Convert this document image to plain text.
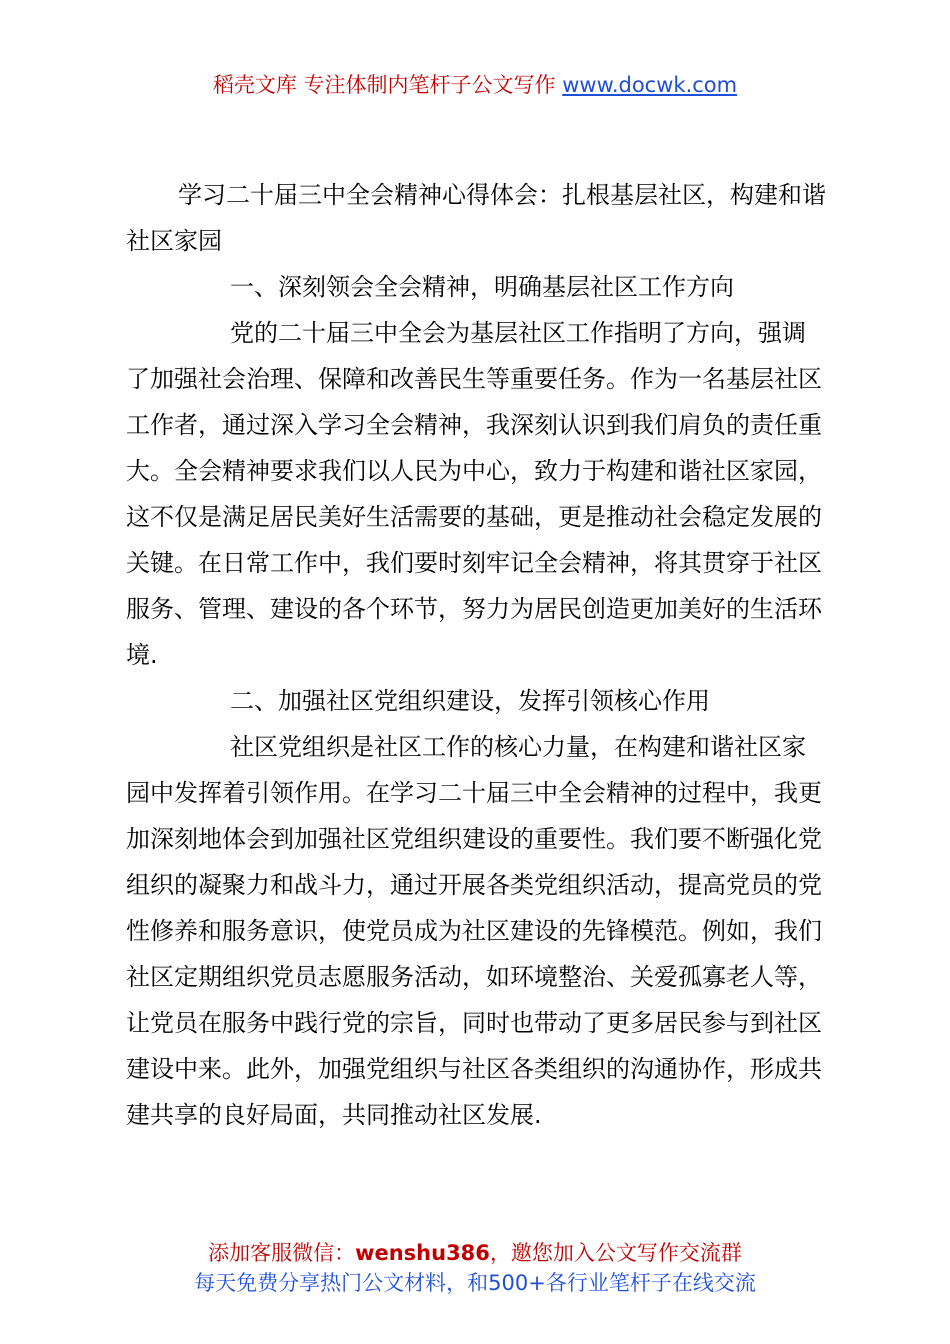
稻壳文库 专注体制内笔杆子公文写作 www.docwk.com

学习二十届三中全会精神心得体会：扎根基层社区，构建和谐社区家园

一、深刻领会全会精神，明确基层社区工作方向

党的二十届三中全会为基层社区工作指明了方向，强调了加强社会治理、保障和改善民生等重要任务。作为一名基层社区工作者，通过深入学习全会精神，我深刻认识到我们肩负的责任重大。全会精神要求我们以人民为中心，致力于构建和谐社区家园，这不仅是满足居民美好生活需要的基础，更是推动社会稳定发展的关键。在日常工作中，我们要时刻牢记全会精神，将其贯穿于社区服务、管理、建设的各个环节，努力为居民创造更加美好的生活环境.

二、加强社区党组织建设，发挥引领核心作用

社区党组织是社区工作的核心力量，在构建和谐社区家园中发挥着引领作用。在学习二十届三中全会精神的过程中，我更加深刻地体会到加强社区党组织建设的重要性。我们要不断强化党组织的凝聚力和战斗力，通过开展各类党组织活动，提高党员的党性修养和服务意识，使党员成为社区建设的先锋模范。例如，我们社区定期组织党员志愿服务活动，如环境整治、关爱孤寡老人等，让党员在服务中践行党的宗旨，同时也带动了更多居民参与到社区建设中来。此外，加强党组织与社区各类组织的沟通协作，形成共建共享的良好局面，共同推动社区发展.

添加客服微信：wenshu386，邀您加入公文写作交流群
每天免费分享热门公文材料，和500+各行业笔杆子在线交流
